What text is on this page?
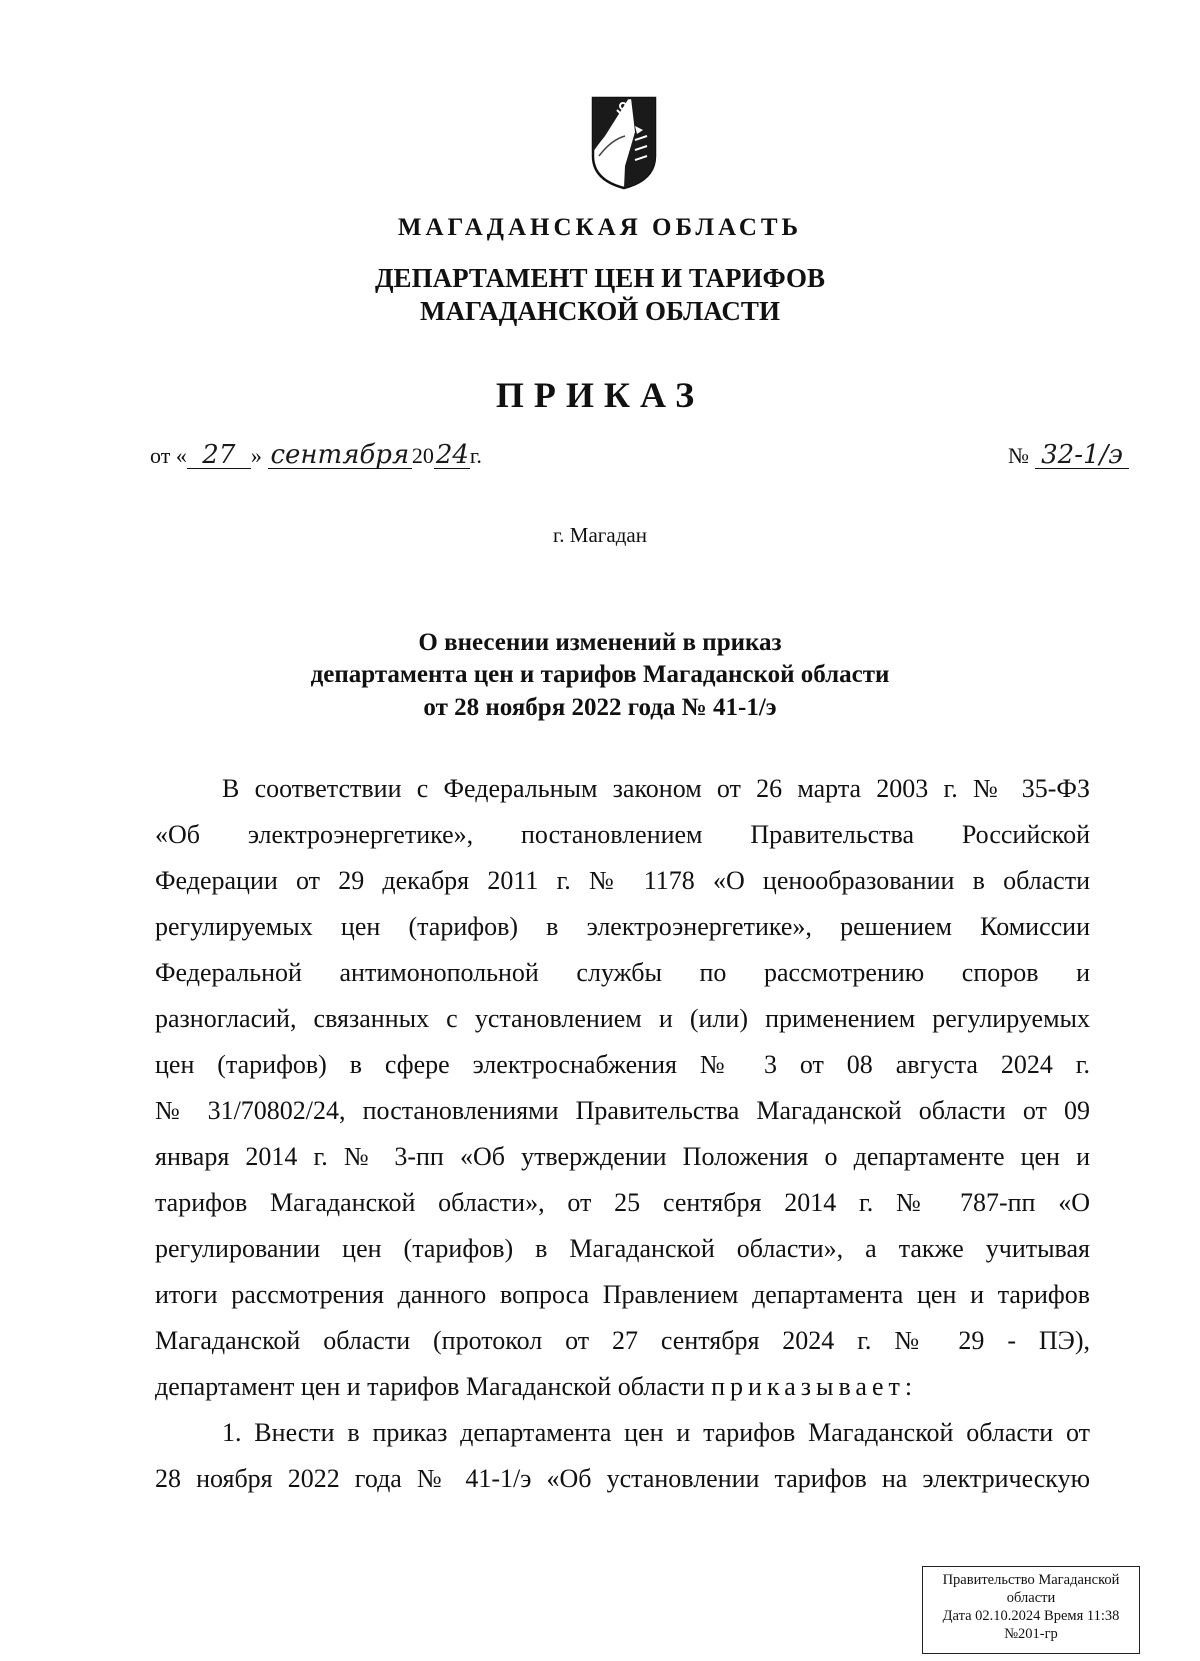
МАГАДАНСКАЯ ОБЛАСТЬ
ДЕПАРТАМЕНТ ЦЕН И ТАРИФОВ
МАГАДАНСКОЙ ОБЛАСТИ
ПРИКАЗ
от « 27 » сентября 20 24 г.	№ 32-1/э
г. Магадан
О внесении изменений в приказ
департамента цен и тарифов Магаданской области
от 28 ноября 2022 года № 41-1/э
В соответствии с Федеральным законом от 26 марта 2003 г. № 35-ФЗ
«Об электроэнергетике», постановлением Правительства Российской
Федерации от 29 декабря 2011 г. № 1178 «О ценообразовании в области
регулируемых цен (тарифов) в электроэнергетике», решением Комиссии
Федеральной антимонопольной службы по рассмотрению споров и
разногласий, связанных с установлением и (или) применением регулируемых
цен (тарифов) в сфере электроснабжения № 3 от 08 августа 2024 г.
№ 31/70802/24, постановлениями Правительства Магаданской области от 09
января 2014 г. № 3-пп «Об утверждении Положения о департаменте цен и
тарифов Магаданской области», от 25 сентября 2014 г. № 787-пп «О
регулировании цен (тарифов) в Магаданской области», а также учитывая
итоги рассмотрения данного вопроса Правлением департамента цен и тарифов
Магаданской области (протокол от 27 сентября 2024 г. № 29 - ПЭ),
департамент цен и тарифов Магаданской области приказывает:
1. Внести в приказ департамента цен и тарифов Магаданской области от
28 ноября 2022 года № 41-1/э «Об установлении тарифов на электрическую
Правительство Магаданской
области
Дата 02.10.2024 Время 11:38
№201-гр
